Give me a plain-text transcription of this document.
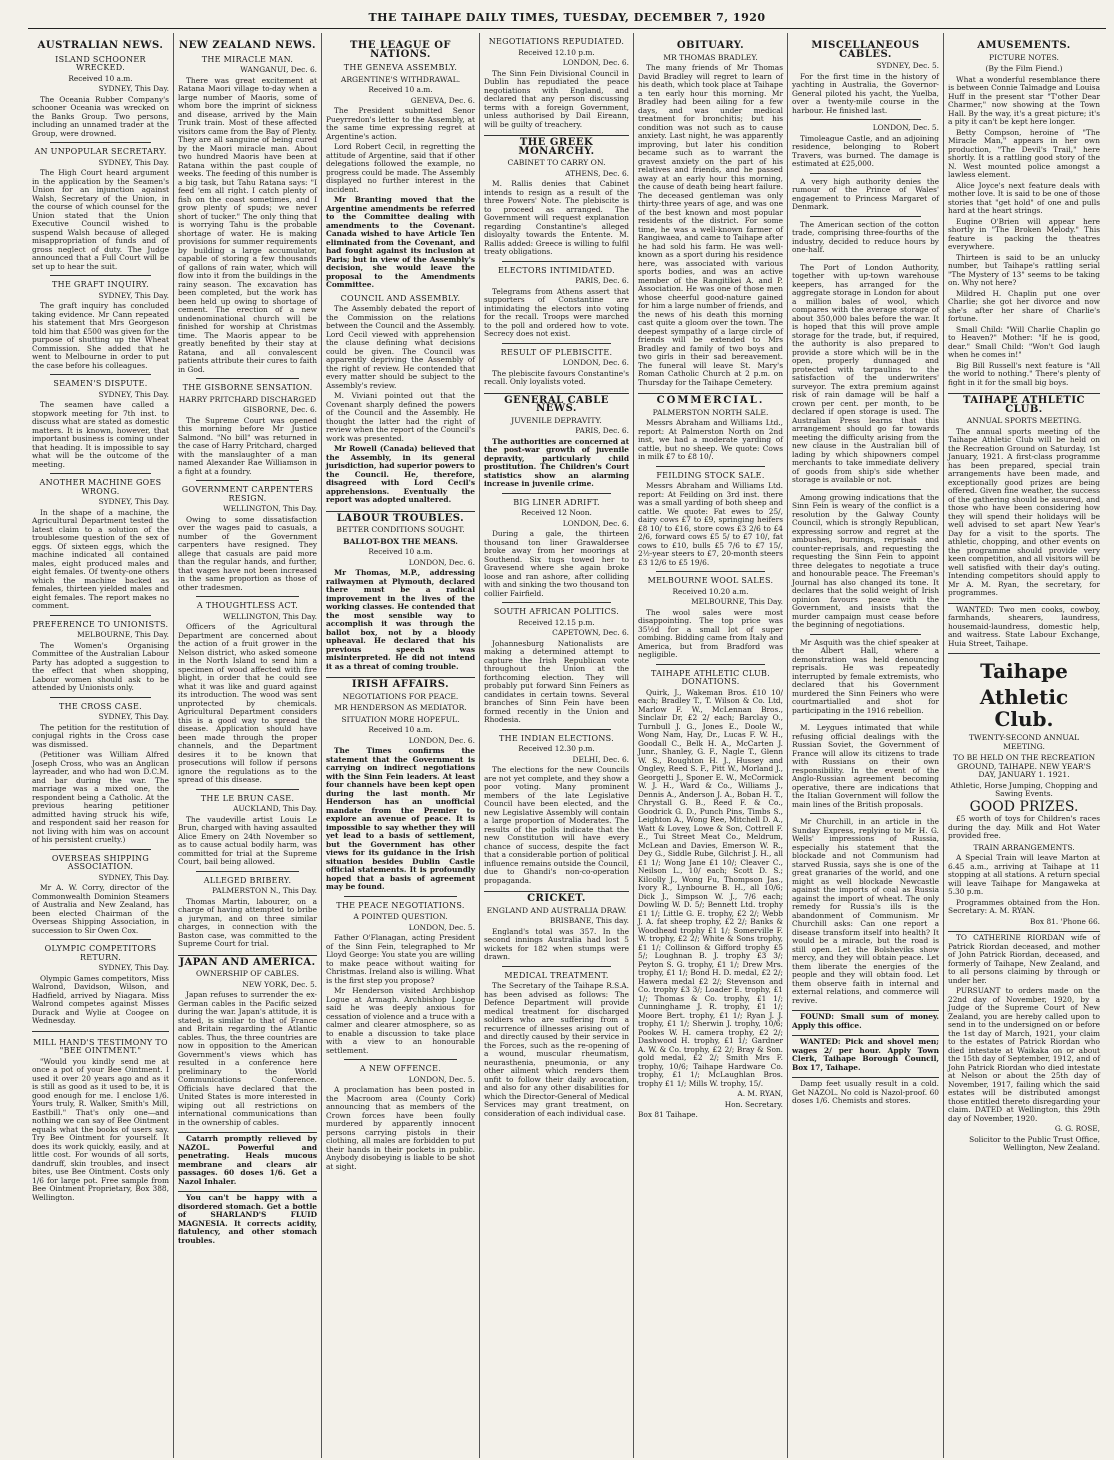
THE TAIHAPE DAILY TIMES, TUESDAY, DECEMBER 7, 1920
AUSTRALIAN NEWS.
ISLAND SCHOONER WRECKED.

Received 10 a.m.

SYDNEY, This Day.

The Oceania Rubber Company's schooner Oceania was wrecked on the Banks Group. Two persons, including an unnamed trader at the Group, were drowned.

AN UNPOPULAR SECRETARY.

SYDNEY, This Day.

The High Court heard argument in the application by the Seamen's Union for an injunction against Walsh, Secretary of the Union, in the course of which counsel for the Union stated that the Union Executive Council wished to suspend Walsh because of alleged misappropriation of funds and of gross neglect of duty. The Judge announced that a Full Court will be set up to hear the suit.

THE GRAFT INQUIRY.

SYDNEY, This Day.

The graft inquiry has concluded taking evidence. Mr Cann repeated his statement that Mrs Georgeson told him that £500 was given for the purpose of shutting up the Wheat Commission. She added that he went to Melbourne in order to put the case before his colleagues.

SEAMEN'S DISPUTE.

SYDNEY, This Day.

The seamen have called a stopwork meeting for 7th inst. to discuss what are stated as domestic matters. It is known, however, that important business is coming under that heading. It is impossible to say what will be the outcome of the meeting.

ANOTHER MACHINE GOES WRONG.

SYDNEY, This Day.

In the shape of a machine, the Agricultural Department tested the latest claim to a solution of the troublesome question of the sex of eggs. Of sixteen eggs, which the machine indicated all contained males, eight produced males and eight females. Of twenty-one others which the machine backed as females, thirteen yielded males and eight females. The report makes no comment.

PREFERENCE TO UNIONISTS.

MELBOURNE, This Day.

The Women's Organising Committee of the Australian Labour Party has adopted a suggestion to the effect that when shopping, Labour women should ask to be attended by Unionists only.

THE CROSS CASE.

SYDNEY, This Day.

The petition for the restitution of conjugal rights in the Cross case was dismissed.

(Petitioner was William Alfred Joseph Cross, who was an Anglican layreader, and who had won D.C.M. and bar during the war. The marriage was a mixed one, the respondent being a Catholic. At the previous hearing petitioner admitted having struck his wife, and respondent said her reason for not living with him was on account of his persistent cruelty.)

OVERSEAS SHIPPING ASSOCIATION.

SYDNEY, This Day.

Mr A. W. Corry, director of the Commonwealth Dominion Steamers of Australia and New Zealand, has been elected Chairman of the Overseas Shipping Association, in succession to Sir Owen Cox.

OLYMPIC COMPETITORS RETURN.

SYDNEY, This Day.

Olympic Games competitors, Miss Walrond, Davidson, Wilson, and Hadfield, arrived by Niagara. Miss Walrond competes against Misses Durack and Wylie at Coogee on Wednesday.

MILL HAND'S TESTIMONY TO "BEE OINTMENT."

"Would you kindly send me at once a pot of your Bee Ointment. I used it over 20 years ago and as it is still as good as it used to be, it is good enough for me. I enclose 1/6. Yours truly, R. Walker, Smith's Mill, Eastbill." That's only one—and nothing we can say of Bee Ointment equals what the books of users say. Try Bee Ointment for yourself. It does its work quickly, easily, and at little cost. For wounds of all sorts, dandruff, skin troubles, and insect bites, use Bee Ointment. Costs only 1/6 for large pot. Free sample from Bee Ointment Proprietary, Box 388, Wellington.

NEW ZEALAND NEWS.
THE MIRACLE MAN.

WANGANUI, Dec. 6.

There was great excitement at Ratana Maori village to-day when a large number of Maoris, some of whom bore the imprint of sickness and disease, arrived by the Main Trunk train. Most of these affected visitors came from the Bay of Plenty. They are all sanguine of being cured by the Maori miracle man. About two hundred Maoris have been at Ratana within the past couple of weeks. The feeding of this number is a big task, but Tahu Ratana says: "I feed 'em all right. I catch plenty of fish on the coast sometimes, and I grow plenty of spuds; we never short of tucker." The only thing that is worrying Tahu is the probable shortage of water. He is making provisions for summer requirements by building a large accumulator, capable of storing a few thousands of gallons of rain water, which will flow into it from the buildings in the rainy season. The excavation has been completed, but the work has been held up owing to shortage of cement. The erection of a new undenominational church will be finished for worship at Christmas time. The Maoris appear to be greatly benefited by their stay at Ratana, and all convalescent patients attribute their cures to faith in God.

THE GISBORNE SENSATION.
HARRY PRITCHARD DISCHARGED

GISBORNE, Dec. 6.

The Supreme Court was opened this morning before Mr Justice Salmond. "No bill" was returned in the case of Harry Pritchard, charged with the manslaughter of a man named Alexander Rae Williamson in a fight at a foundry.

GOVERNMENT CARPENTERS RESIGN.

WELLINGTON, This Day.

Owing to some dissatisfaction over the wages paid to casuals, a number of the Government carpenters have resigned. They allege that casuals are paid more than the regular hands, and further, that wages have not been increased in the same proportion as those of other tradesmen.

A THOUGHTLESS ACT.

WELLINGTON, This Day.

Officers of the Agricultural Department are concerned about the action of a fruit grower in the Nelson district, who asked someone in the North Island to send him a specimen of wood affected with fire blight, in order that he could see what it was like and guard against its introduction. The wood was sent unprotected by chemicals. Agricultural Department considers this is a good way to spread the disease. Application should have been made through the proper channels, and the Department desires it to be known that prosecutions will follow if persons ignore the regulations as to the spread of this disease.

THE LE BRUN CASE.

AUCKLAND, This Day.

The vaudeville artist Louis Le Brun, charged with having assaulted Alice Emery on 24th November so as to cause actual bodily harm, was committed for trial at the Supreme Court, bail being allowed.

ALLEGED BRIBERY.

PALMERSTON N., This Day.

Thomas Martin, labourer, on a charge of having attempted to bribe a juryman, and on three similar charges, in connection with the Baston case, was committed to the Supreme Court for trial.

JAPAN AND AMERICA.
OWNERSHIP OF CABLES.

NEW YORK, Dec. 5.

Japan refuses to surrender the ex-German cables in the Pacific seized during the war. Japan's attitude, it is stated, is similar to that of France and Britain regarding the Atlantic cables. Thus, the three countries are now in opposition to the American Government's views which has resulted in a conference here preliminary to the World Communications Conference. Officials have declared that the United States is more interested in wiping out all restrictions on international communications than in the ownership of cables.

Catarrh promptly relieved by NAZOL. Powerful and penetrating. Heals mucous membrane and clears air passages. 60 doses 1/6. Get a Nazol Inhaler.

You can't be happy with a disordered stomach. Get a bottle of SHARLAND'S FLUID MAGNESIA. It corrects acidity, flatulency, and other stomach troubles.

THE LEAGUE OF NATIONS.
THE GENEVA ASSEMBLY.
ARGENTINE'S WITHDRAWAL.

Received 10 a.m.

GENEVA, Dec. 6.

The President submitted Senor Pueyrredon's letter to the Assembly, at the same time expressing regret at Argentine's action.

Lord Robert Cecil, in regretting the attitude of Argentine, said that if other delegations followed the example, no progress could be made. The Assembly displayed no further interest in the incident.

Mr Branting moved that the Argentine amendments be referred to the Committee dealing with amendments to the Covenant. Canada wished to have Article Ten eliminated from the Covenant, and had fought against its inclusion at Paris; but in view of the Assembly's decision, she would leave the proposal to the Amendments Committee.

COUNCIL AND ASSEMBLY.

The Assembly debated the report of the Commission on the relations between the Council and the Assembly. Lord Cecil viewed with apprehension the clause defining what decisions could be given. The Council was apparently depriving the Assembly of the right of review. He contended that every matter should be subject to the Assembly's review.

M. Viviani pointed out that the Covenant sharply defined the powers of the Council and the Assembly. He thought the latter had the right of review when the report of the Council's work was presented.

Mr Rowell (Canada) believed that the Assembly, in its general jurisdiction, had superior powers to the Council. He, therefore, disagreed with Lord Cecil's apprehensions. Eventually the report was adopted unaltered.

LABOUR TROUBLES.
BETTER CONDITIONS SOUGHT.
BALLOT-BOX THE MEANS.

Received 10 a.m.

LONDON, Dec. 6.

Mr Thomas, M.P., addressing railwaymen at Plymouth, declared there must be a radical improvement in the lives of the working classes. He contended that the most sensible way to accomplish it was through the ballot box, not by a bloody upheaval. He declared that his previous speech was misinterpreted. He did not intend it as a threat of coming trouble.

IRISH AFFAIRS.
NEGOTIATIONS FOR PEACE.
MR HENDERSON AS MEDIATOR.
SITUATION MORE HOPEFUL.

Received 10 a.m.

LONDON, Dec. 6.

The Times confirms the statement that the Government is carrying on indirect negotiations with the Sinn Fein leaders. At least four channels have been kept open during the last month. Mr Henderson has an unofficial mandate from the Premier to explore an avenue of peace. It is impossible to say whether they will yet lead to a basis of settlement, but the Government has other views for its guidance in the Irish situation besides Dublin Castle official statements. It is profoundly hoped that a basis of agreement may be found.

THE PEACE NEGOTIATIONS.
A POINTED QUESTION.

LONDON, Dec. 5.

Father O'Flanagan, acting President of the Sinn Fein, telegraphed to Mr Lloyd George: You state you are willing to make peace without waiting for Christmas. Ireland also is willing. What is the first step you propose?

Mr Henderson visited Archbishop Logue at Armagh. Archbishop Logue said he was deeply anxious for cessation of violence and a truce with a calmer and clearer atmosphere, so as to enable a discussion to take place with a view to an honourable settlement.

A NEW OFFENCE.

LONDON, Dec. 5.

A proclamation has been posted in the Macroom area (County Cork) announcing that as members of the Crown forces have been foully murdered by apparently innocent persons carrying pistols in their clothing, all males are forbidden to put their hands in their pockets in public. Anybody disobeying is liable to be shot at sight.

NEGOTIATIONS REPUDIATED.

Received 12.10 p.m.

LONDON, Dec. 6.

The Sinn Fein Divisional Council in Dublin has repudiated the peace negotiations with England, and declared that any person discussing terms with a foreign Government, unless authorised by Dail Eireann, will be guilty of treachery.

THE GREEK MONARCHY.
CABINET TO CARRY ON.

ATHENS, Dec. 6.

M. Rallis denies that Cabinet intends to resign as a result of the three Powers' Note. The plebiscite is to proceed as arranged. The Government will request explanation regarding Constantine's alleged disloyalty towards the Entente. M. Rallis added: Greece is willing to fulfil treaty obligations.

ELECTORS INTIMIDATED.

PARIS, Dec. 6.

Telegrams from Athens assert that supporters of Constantine are intimidating the electors into voting for the recall. Troops were marched to the poll and ordered how to vote. Secrecy does not exist.

RESULT OF PLEBISCITE.

LONDON, Dec. 6.

The plebiscite favours Constantine's recall. Only loyalists voted.

GENERAL CABLE NEWS.
JUVENILE DEPRAVITY.

PARIS, Dec. 6.

The authorities are concerned at the post-war growth of juvenile depravity, particularly child prostitution. The Children's Court statistics show an alarming increase in juvenile crime.

BIG LINER ADRIFT.

Received 12 Noon.

LONDON, Dec. 6.

During a gale, the thirteen thousand ton liner Grawaldersee broke away from her moorings at Southend. Six tugs towed her to Gravesend where she again broke loose and ran ashore, after colliding with and sinking the two thousand ton collier Fairfield.

SOUTH AFRICAN POLITICS.

Received 12.15 p.m.

CAPETOWN, Dec. 6.

Johannesburg Nationalists are making a determined attempt to capture the Irish Republican vote throughout the Union at the forthcoming election. They will probably put forward Sinn Feiners as candidates in certain towns. Several branches of Sinn Fein have been formed recently in the Union and Rhodesia.

THE INDIAN ELECTIONS.

Received 12.30 p.m.

DELHI, Dec. 6.

The elections for the new Councils are not yet complete, and they show a poor voting. Many prominent members of the late Legislative Council have been elected, and the new Legislative Assembly will contain a large proportion of Moderates. The results of the polls indicate that the new Constitution will have every chance of success, despite the fact that a considerable portion of political influence remains outside the Council, due to Ghandi's non-co-operation propaganda.

CRICKET.
ENGLAND AND AUSTRALIA DRAW.

BRISBANE, This day.

England's total was 357. In the second innings Australia had lost 5 wickets for 182 when stumps were drawn.

MEDICAL TREATMENT.

The Secretary of the Taihape R.S.A. has been advised as follows: The Defence Department will provide medical treatment for discharged soldiers who are suffering from a recurrence of illnesses arising out of and directly caused by their service in the Forces, such as the re-opening of a wound, muscular rheumatism, neurasthenia, pneumonia, or any other ailment which renders them unfit to follow their daily avocation, and also for any other disabilities for which the Director-General of Medical Services may grant treatment, on consideration of each individual case.

OBITUARY.
MR THOMAS BRADLEY.

The many friends of Mr Thomas David Bradley will regret to learn of his death, which took place at Taihape a ten early hour this morning. Mr Bradley had been ailing for a few days, and was under medical treatment for bronchitis; but his condition was not such as to cause anxiety. Last night, he was apparently improving, but later his condition became such as to warrant the gravest anxiety on the part of his relatives and friends, and he passed away at an early hour this morning, the cause of death being heart failure. The deceased gentleman was only thirty-three years of age, and was one of the best known and most popular residents of the district. For some time, he was a well-known farmer of Rangiwaea, and came to Taihape after he had sold his farm. He was well-known as a sport during his residence here, was associated with various sports bodies, and was an active member of the Rangitikei A. and P. Association. He was one of those men whose cheerful good-nature gained for him a large number of friends, and the news of his death this morning cast quite a gloom over the town. The deepest sympathy of a large circle of friends will be extended to Mrs Bradley and family of two boys and two girls in their sad bereavement. The funeral will leave St. Mary's Roman Catholic Church at 2 p.m. on Thursday for the Taihape Cemetery.

COMMERCIAL.
PALMERSTON NORTH SALE.

Messrs Abraham and Williams Ltd., report: At Palmerston North on 2nd inst, we had a moderate yarding of cattle, but no sheep. We quote: Cows in milk £7 to £8 10/.

FEILDING STOCK SALE.

Messrs Abraham and Williams Ltd. report: At Feilding on 3rd inst. there was a small yarding of both sheep and cattle. We quote: Fat ewes to 25/, dairy cows £7 to £9, springing heifers £8 10/ to £16, store cows £3 2/6 to £4 2/6, forward cows £5 5/ to £7 10/, fat cows to £10, bulls £5 7/6 to £7 15/, 2½-year steers to £7, 20-month steers £3 12/6 to £5 19/6.

MELBOURNE WOOL SALES.

Received 10.20 a.m.

MELBOURNE, This Day.

The wool sales were most disappointing. The top price was 35½d for a small lot of super combing. Bidding came from Italy and America, but from Bradford was negligible.

TAIHAPE ATHLETIC CLUB. DONATIONS.

Quirk, J., Wakeman Bros. £10 10/ each; Bradley T., T. Wilson & Co. Ltd, Marlow F. W., McLennan Bros., Sinclair Dr, £2 2/ each; Barclay O., Turnbull J. G., Jones E., Doole W., Wong Nam, Hay, Dr., Lucas F. W. H., Goodall C., Belk H. A., McCarten J. Junr., Shanley, G. F., Nagle T., Glenn W. S., Roughton H. J., Hussey and Ongley, Reed S. F., Pitt W., Morland J., Georgetti J., Sponer E. W., McCormick W. J. H., Ward & Co., Williams J., Dennis A., Anderson J. A., Boban H. T., Chrystall G. B., Reed F. & Co., Goodrick G. D., Punch Pins, Timbs S., Leighton A., Wong Ree, Mitchell D. A., Watt & Lovey, Lowe & Son, Cottrell F. E., Tui Street Meat Co., Meldrum, McLean and Davies, Emerson W. R., Dey G., Siddle Rube, Gilchrist J. H., all £1 1/; Wong Jane £1 10/; Cleaver C., Neilson L., 10/ each; Scott D. S.; Kilcolly J., Wong Fu, Thompson Jas., Ivory R., Lynbourne B. H., all 10/6; Dick J., Simpson W. J., 7/6 each; Dowling W. D. 5/; Bennett Ltd. trophy £1 1/; Little G. E. trophy, £2 2/; Webb J. A. fat sheep trophy, £2 2/; Banks & Woodhead trophy £1 1/; Somerville F. W. trophy, £2 2/; White & Sons trophy, £1 1/; Collinson & Gifford trophy £5 5/; Loughnan B. J. trophy £3 3/; Peyton S. G. trophy, £1 1/; Drew Mrs. trophy, £1 1/; Bond H. D. medal, £2 2/; Hawera medal £2 2/; Stevenson and Co. trophy £3 3/; Loader E. trophy, £1 1/; Thomas & Co. trophy, £1 1/; Cunninghame J. R. trophy, £1 1/; Moore Bert. trophy, £1 1/; Ryan J. J. trophy, £1 1/; Sherwin J. trophy, 10/6; Pookes W. H. camera trophy, £2 2/; Dashwood H. trophy, £1 1/; Gardner A. W. & Co. trophy, £2 2/; Bray & Son. gold medal, £2 2/; Smith Mrs F. trophy, 10/6; Taihape Hardware Co. trophy, £1 1/; McLaughlan Bros. trophy £1 1/; Mills W. trophy, 15/.

A. M. RYAN,

Hon. Secretary.

Box 81 Taihape.

MISCELLANEOUS CABLES.

SYDNEY, Dec. 5.

For the first time in the history of yachting in Australia, the Governor-General piloted his yacht, the Yuelba, over a twenty-mile course in the harbour. He finished last.

LONDON, Dec. 5.

Timoleague Castle, and an adjoining residence, belonging to Robert Travers, was burned. The damage is estimated at £25,000.

A very high authority denies the rumour of the Prince of Wales' engagement to Princess Margaret of Denmark.

The American section of the cotton trade, comprising three-fourths of the industry, decided to reduce hours by one-half.

The Port of London Authority, together with up-town warehouse keepers, has arranged for the aggregate storage in London for about a million bales of wool, which compares with the average storage of about 350,000 bales before the war. It is hoped that this will prove ample storage for the trade, but, if required, the authority is also prepared to provide a store which will be in the open, properly dunnaged and protected with tarpaulins to the satisfaction of the underwriters' surveyor. The extra premium against risk of rain damage will be half a crown per cent. per month, to be declared if open storage is used. The Australian Press learns that this arrangement should go far towards meeting the difficulty arising from the new clause in the Australian bill of lading by which shipowners compel merchants to take immediate delivery of goods from ship's side whether storage is available or not.

Among growing indications that the Sinn Fein is weary of the conflict is a resolution by the Galway County Council, which is strongly Republican, expressing sorrow and regret at the ambushes, burnings, reprisals and counter-reprisals, and requesting the requesting the Sinn Fein to appoint three delegates to negotiate a truce and honourable peace. The Freeman's Journal has also changed its tone. It declares that the solid weight of Irish opinion favours peace with the Government, and insists that the murder campaign must cease before the beginning of negotiations.

Mr Asquith was the chief speaker at the Albert Hall, where a demonstration was held denouncing reprisals. He was repeatedly interrupted by female extremists, who declared that his Government murdered the Sinn Feiners who were courtmartialled and shot for participating in the 1916 rebellion.

M. Leygues intimated that while refusing official dealings with the Russian Soviet, the Government of France will allow its citizens to trade with Russians on their own responsibility. In the event of the Anglo-Russian agreement becoming operative, there are indications that the Italian Government will follow the main lines of the British proposals.

Mr Churchill, in an article in the Sunday Express, replying to Mr H. G. Wells' impressions of Russia, especially his statement that the blockade and not Communism had starved Russia, says she is one of the great granaries of the world, and one might as well blockade Newcastle against the imports of coal as Russia against the import of wheat. The only remedy for Russia's ills is the abandonment of Communism. Mr Churchill asks: Can one report a disease transform itself into health? It would be a miracle, but the road is still open. Let the Bolsheviks show mercy, and they will obtain peace. Let them liberate the energies of the people and they will obtain food. Let them observe faith in internal and external relations, and commerce will revive.

FOUND: Small sum of money. Apply this office.

WANTED: Pick and shovel men; wages 2/ per hour. Apply Town Clerk, Taihape Borough Council, Box 17, Taihape.

Damp feet usually result in a cold. Get NAZOL. No cold is Nazol-proof. 60 doses 1/6. Chemists and stores.

AMUSEMENTS.
PICTURE NOTES.
(By the Film Fiend.)

What a wonderful resemblance there is between Connie Talmadge and Louisa Huff in the present star "T'other Dear Charmer," now showing at the Town Hall. By the way, it's a great picture; it's a pity it can't be kept here longer.

Betty Compson, heroine of "The Miracle Man," appears in her own production, "The Devil's Trail," here shortly. It is a rattling good story of the N. West mounted police amongst a lawless element.

Alice Joyce's next feature deals with mother love. It is said to be one of those stories that "get hold" of one and pulls hard at the heart strings.

Eugine O'Brien will appear here shortly in "The Broken Melody." This feature is packing the theatres everywhere.

Thirteen is said to be an unlucky number, but Taihape's rattling serial "The Mystery of 13" seems to be taking on. Why not here?

Mildred H. Chaplin put one over Charlie; she got her divorce and now she's after her share of Charlie's fortune.

Small Child: "Will Charlie Chaplin go to Heaven?" Mother: "If he is good, dear." Small Child: "Won't God laugh when he comes in!"

Big Bill Russell's next feature is "All the world to nothing." There's plenty of fight in it for the small big boys.

TAIHAPE ATHLETIC CLUB.
ANNUAL SPORTS MEETING.

The annual sports meeting of the Taihape Athletic Club will be held on the Recreation Ground on Saturday, 1st January, 1921. A first-class programme has been prepared, special train arrangements have been made, and exceptionally good prizes are being offered. Given fine weather, the success of the gathering should be assured, and those who have been considering how they will spend their holidays will be well advised to set apart New Year's Day for a visit to the sports. The athletic, chopping, and other events on the programme should provide very keen competition, and all visitors will be well satisfied with their day's outing. Intending competitors should apply to Mr A. M. Ryan, the secretary, for programmes.

WANTED: Two men cooks, cowboy, farmhands, shearers, laundress, housemaid-laundress, domestic help, and waitress. State Labour Exchange, Huia Street, Taihape.

Taihape
Athletic Club.
TWENTY-SECOND ANNUAL MEETING.
TO BE HELD ON THE RECREATION GROUND, TAIHAPE. NEW YEAR'S DAY, JANUARY 1. 1921.

Athletic, Horse Jumping, Chopping and Sawing Events.

GOOD PRIZES.

£5 worth of toys for Children's races during the day. Milk and Hot Water provided free.

TRAIN ARRANGEMENTS.

A Special Train will leave Marton at 6.45 a.m., arriving at Taihape at 11 stopping at all stations. A return special will leave Taihape for Mangaweka at 5.30 p.m.

Programmes obtained from the Hon. Secretary: A. M. RYAN.

Box 81. 'Phone 66.

TO CATHERINE RIORDAN wife of Patrick Riordan deceased, and mother of John Patrick Riordan, deceased, and formerly of Taihape, New Zealand, and to all persons claiming by through or under her.

PURSUANT to orders made on the 22nd day of November, 1920, by a Judge of the Supreme Court of New Zealand, you are hereby called upon to send in to the undersigned on or before the 1st day of March, 1921, your claim to the estates of Patrick Riordan who died intestate at Waikaka on or about the 15th day of September, 1912, and of John Patrick Riordan who died intestate at Nelson or about the 25th day of November, 1917, failing which the said estates will be distributed amongst those entitled thereto disregarding your claim. DATED at Wellington, this 29th day of November, 1920.

G. G. ROSE,

Solicitor to the Public Trust Office, Wellington, New Zealand.
